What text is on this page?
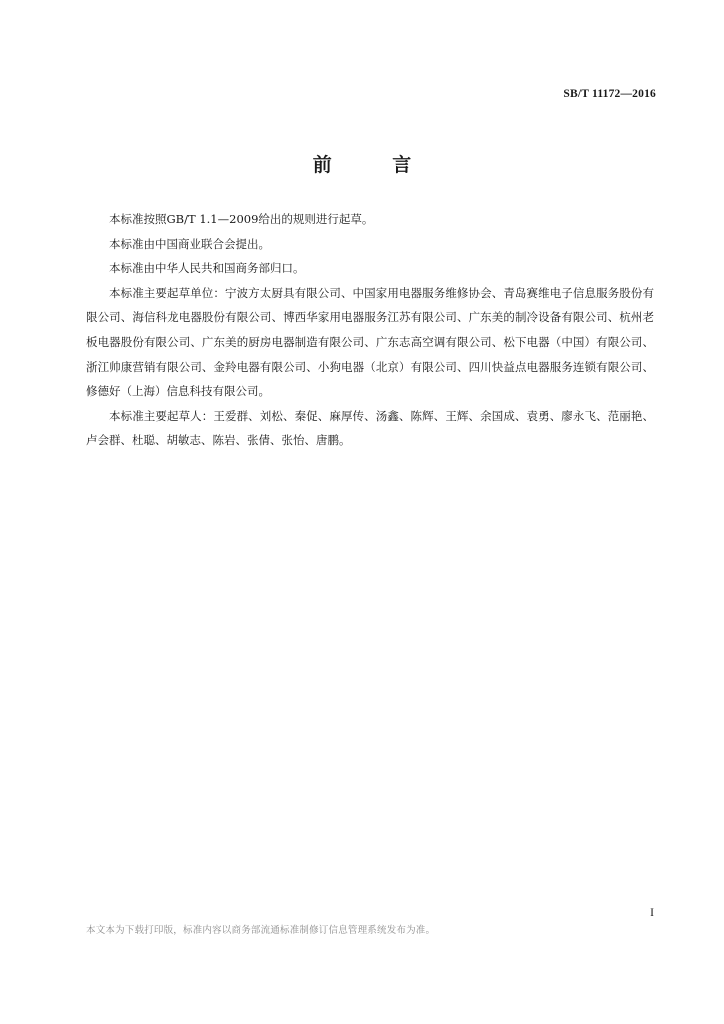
SB/T 11172—2016
前 言

本标准按照GB/T 1.1—2009给出的规则进行起草。

本标准由中国商业联合会提出。

本标准由中华人民共和国商务部归口。

本标准主要起草单位：宁波方太厨具有限公司、中国家用电器服务维修协会、青岛赛维电子信息服务股份有限公司、海信科龙电器股份有限公司、博西华家用电器服务江苏有限公司、广东美的制冷设备有限公司、杭州老板电器股份有限公司、广东美的厨房电器制造有限公司、广东志高空调有限公司、松下电器（中国）有限公司、浙江帅康营销有限公司、金羚电器有限公司、小狗电器（北京）有限公司、四川快益点电器服务连锁有限公司、修德好（上海）信息科技有限公司。

本标准主要起草人：王爱群、刘松、秦促、麻厚传、汤鑫、陈辉、王辉、余国成、袁勇、廖永飞、范丽艳、卢会群、杜聪、胡敏志、陈岩、张倩、张怡、唐鹏。

I
本文本为下载打印版，标准内容以商务部流通标准制修订信息管理系统发布为准。
